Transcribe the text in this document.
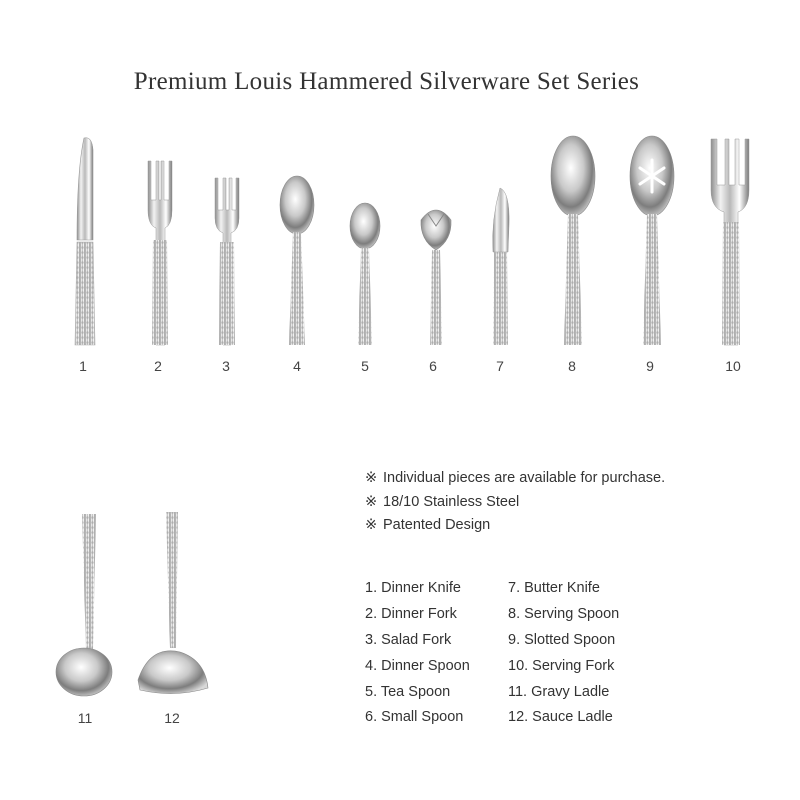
Premium Louis Hammered Silverware Set Series
1	2	3	4	5	6	7	8	9	10
11	12
※ Individual pieces are available for purchase.
※ 18/10 Stainless Steel
※ Patented Design
1. Dinner Knife
2. Dinner Fork
3. Salad Fork
4. Dinner Spoon
5. Tea Spoon
6. Small Spoon
7. Butter Knife
8. Serving Spoon
9. Slotted Spoon
10. Serving Fork
11. Gravy Ladle
12. Sauce Ladle
